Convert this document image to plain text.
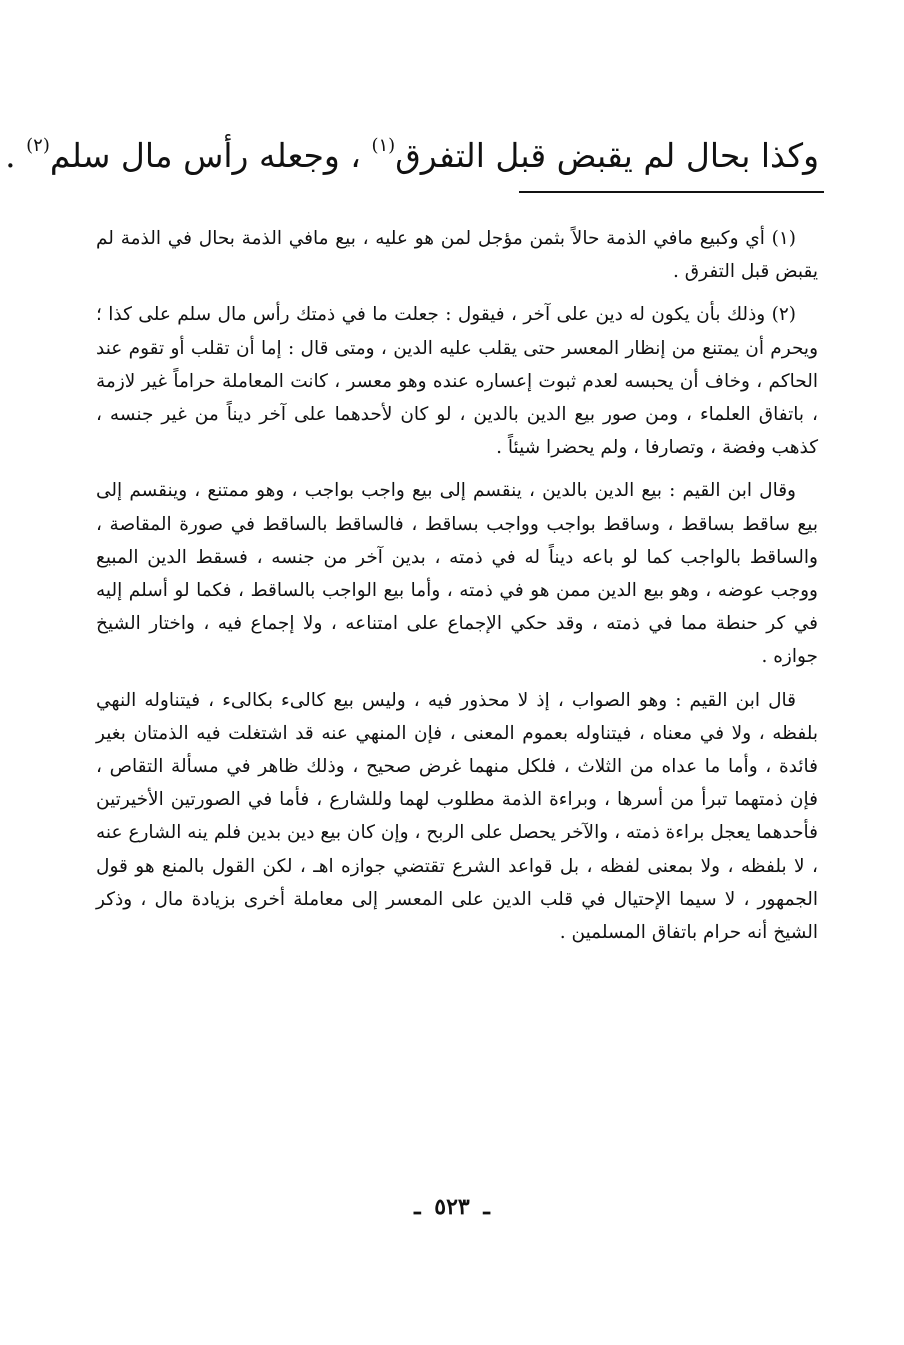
وكذا بحال لم يقبض قبل التفرق$^{(١)}$ ، وجعله رأس مال سلم$^{(٢)}$ .

(١) أي وكبيع مافي الذمة حالاً بثمن مؤجل لمن هو عليه ، بيع مافي الذمة بحال في الذمة لم يقبض قبل التفرق .

(٢) وذلك بأن يكون له دين على آخر ، فيقول : جعلت ما في ذمتك رأس مال سلم على كذا ؛ ويحرم أن يمتنع من إنظار المعسر حتى يقلب عليه الدين ، ومتى قال : إما أن تقلب أو تقوم عند الحاكم ، وخاف أن يحبسه لعدم ثبوت إعساره عنده وهو معسر ، كانت المعاملة حراماً غير لازمة ، باتفاق العلماء ، ومن صور بيع الدين بالدين ، لو كان لأحدهما على آخر ديناً من غير جنسه ، كذهب وفضة ، وتصارفا ، ولم يحضرا شيئاً .

وقال ابن القيم : بيع الدين بالدين ، ينقسم إلى بيع واجب بواجب ، وهو ممتنع ، وينقسم إلى بيع ساقط بساقط ، وساقط بواجب وواجب بساقط ، فالساقط بالساقط في صورة المقاصة ، والساقط بالواجب كما لو باعه ديناً له في ذمته ، بدين آخر من جنسه ، فسقط الدين المبيع ووجب عوضه ، وهو بيع الدين ممن هو في ذمته ، وأما بيع الواجب بالساقط ، فكما لو أسلم إليه في كر حنطة مما في ذمته ، وقد حكي الإجماع على امتناعه ، ولا إجماع فيه ، واختار الشيخ جوازه .

قال ابن القيم : وهو الصواب ، إذ لا محذور فيه ، وليس بيع كالىء بكالىء ، فيتناوله النهي بلفظه ، ولا في معناه ، فيتناوله بعموم المعنى ، فإن المنهي عنه قد اشتغلت فيه الذمتان بغير فائدة ، وأما ما عداه من الثلاث ، فلكل منهما غرض صحيح ، وذلك ظاهر في مسألة التقاص ، فإن ذمتهما تبرأ من أسرها ، وبراءة الذمة مطلوب لهما وللشارع ، فأما في الصورتين الأخيرتين فأحدهما يعجل براءة ذمته ، والآخر يحصل على الربح ، وإن كان بيع دين بدين فلم ينه الشارع عنه ، لا بلفظه ، ولا بمعنى لفظه ، بل قواعد الشرع تقتضي جوازه اهـ ، لكن القول بالمنع هو قول الجمهور ، لا سيما الإحتيال في قلب الدين على المعسر إلى معاملة أخرى بزيادة مال ، وذكر الشيخ أنه حرام باتفاق المسلمين .

ـ ٥٢٣ ـ
